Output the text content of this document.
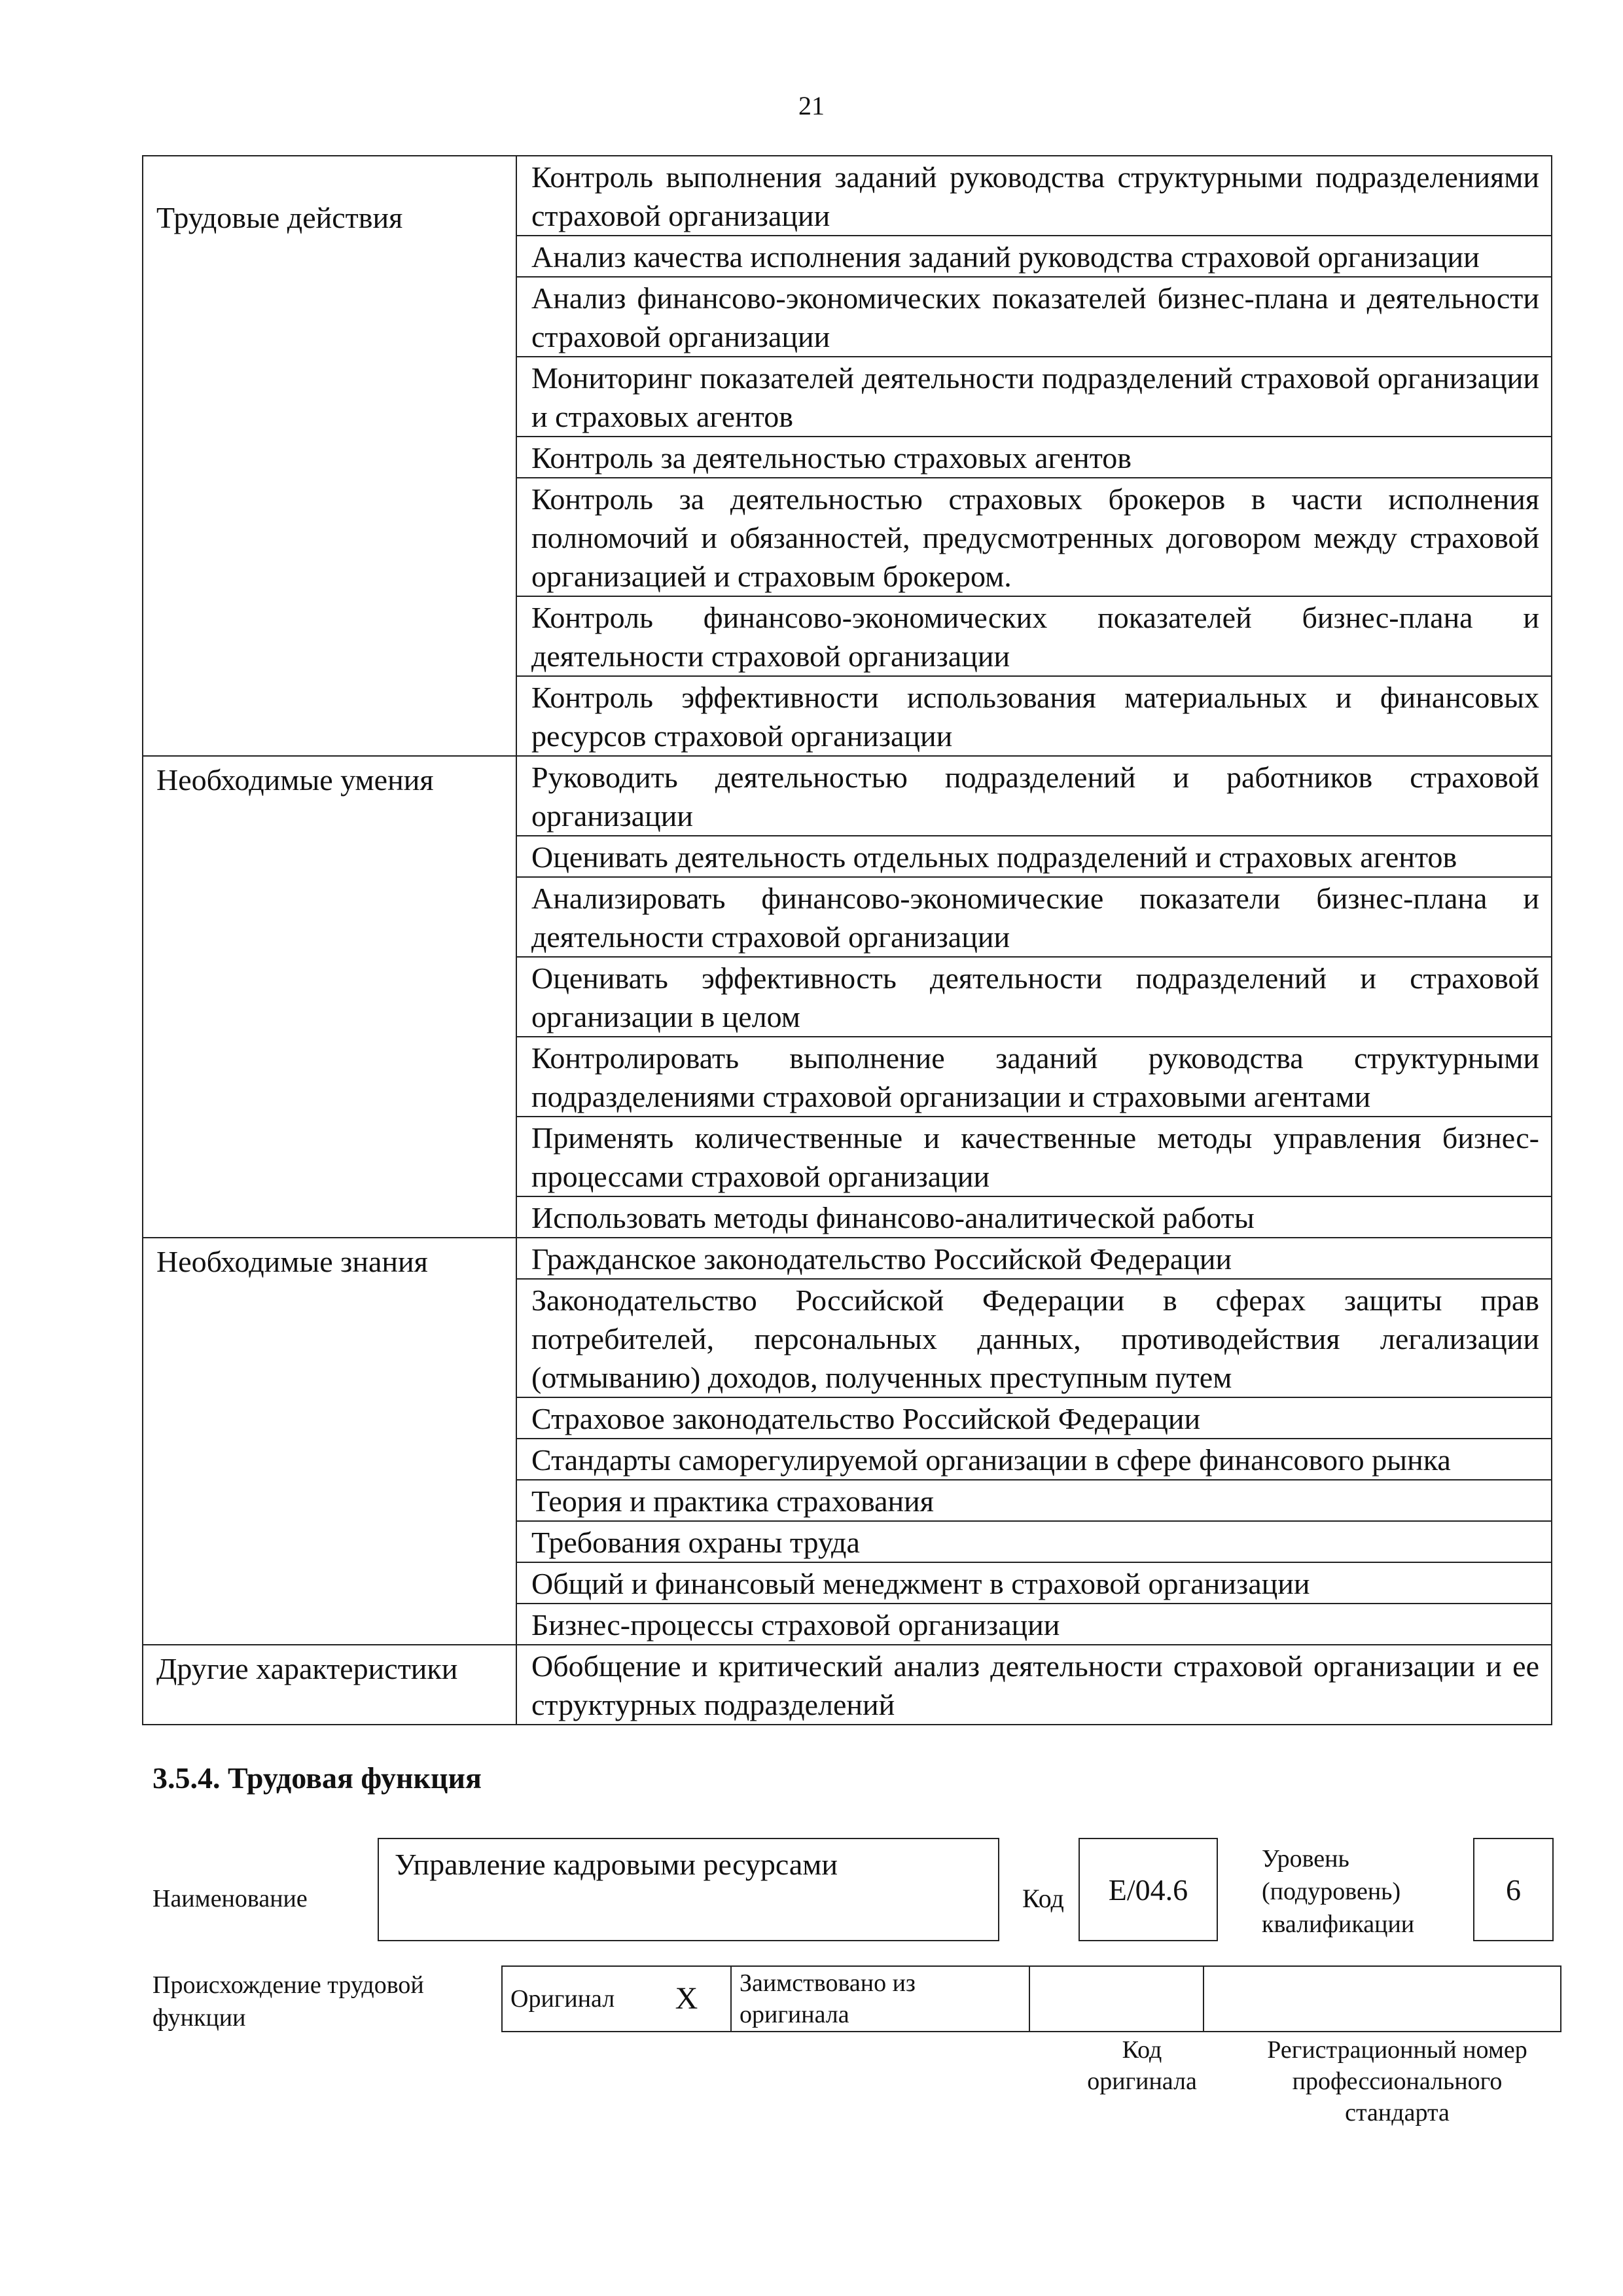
21
Трудовые действия	Контроль выполнения заданий руководства структурными подразделениями страховой организации
	Анализ качества исполнения заданий руководства страховой организации
	Анализ финансово-экономических показателей бизнес-плана и деятельности страховой организации
	Мониторинг показателей деятельности подразделений страховой организации и страховых агентов
	Контроль за деятельностью страховых агентов
	Контроль за деятельностью страховых брокеров в части исполнения полномочий и обязанностей, предусмотренных договором между страховой организацией и страховым брокером.
	Контроль финансово-экономических показателей бизнес-плана и деятельности страховой организации
	Контроль эффективности использования материальных и финансовых ресурсов страховой организации
Необходимые умения	Руководить деятельностью подразделений и работников страховой организации
	Оценивать деятельность отдельных подразделений и страховых агентов
	Анализировать финансово-экономические показатели бизнес-плана и деятельности страховой организации
	Оценивать эффективность деятельности подразделений и страховой организации в целом
	Контролировать выполнение заданий руководства структурными подразделениями страховой организации и страховыми агентами
	Применять количественные и качественные методы управления бизнес-процессами страховой организации
	Использовать методы финансово-аналитической работы
Необходимые знания	Гражданское законодательство Российской Федерации
	Законодательство Российской Федерации в сферах защиты прав потребителей, персональных данных, противодействия легализации (отмыванию) доходов, полученных преступным путем
	Страховое законодательство Российской Федерации
	Стандарты саморегулируемой организации в сфере финансового рынка
	Теория и практика страхования
	Требования охраны труда
	Общий и финансовый менеджмент в страховой организации
	Бизнес-процессы страховой организации
Другие характеристики	Обобщение и критический анализ деятельности страховой организации и ее структурных подразделений
3.5.4. Трудовая функция
Наименование
Управление кадровыми ресурсами
Код E/04.6
Уровень
(подуровень)
квалификации
6
Происхождение трудовой
функции
Оригинал	X	Заимствовано из
оригинала

Код
оригинала
Регистрационный номер
профессионального
стандарта
